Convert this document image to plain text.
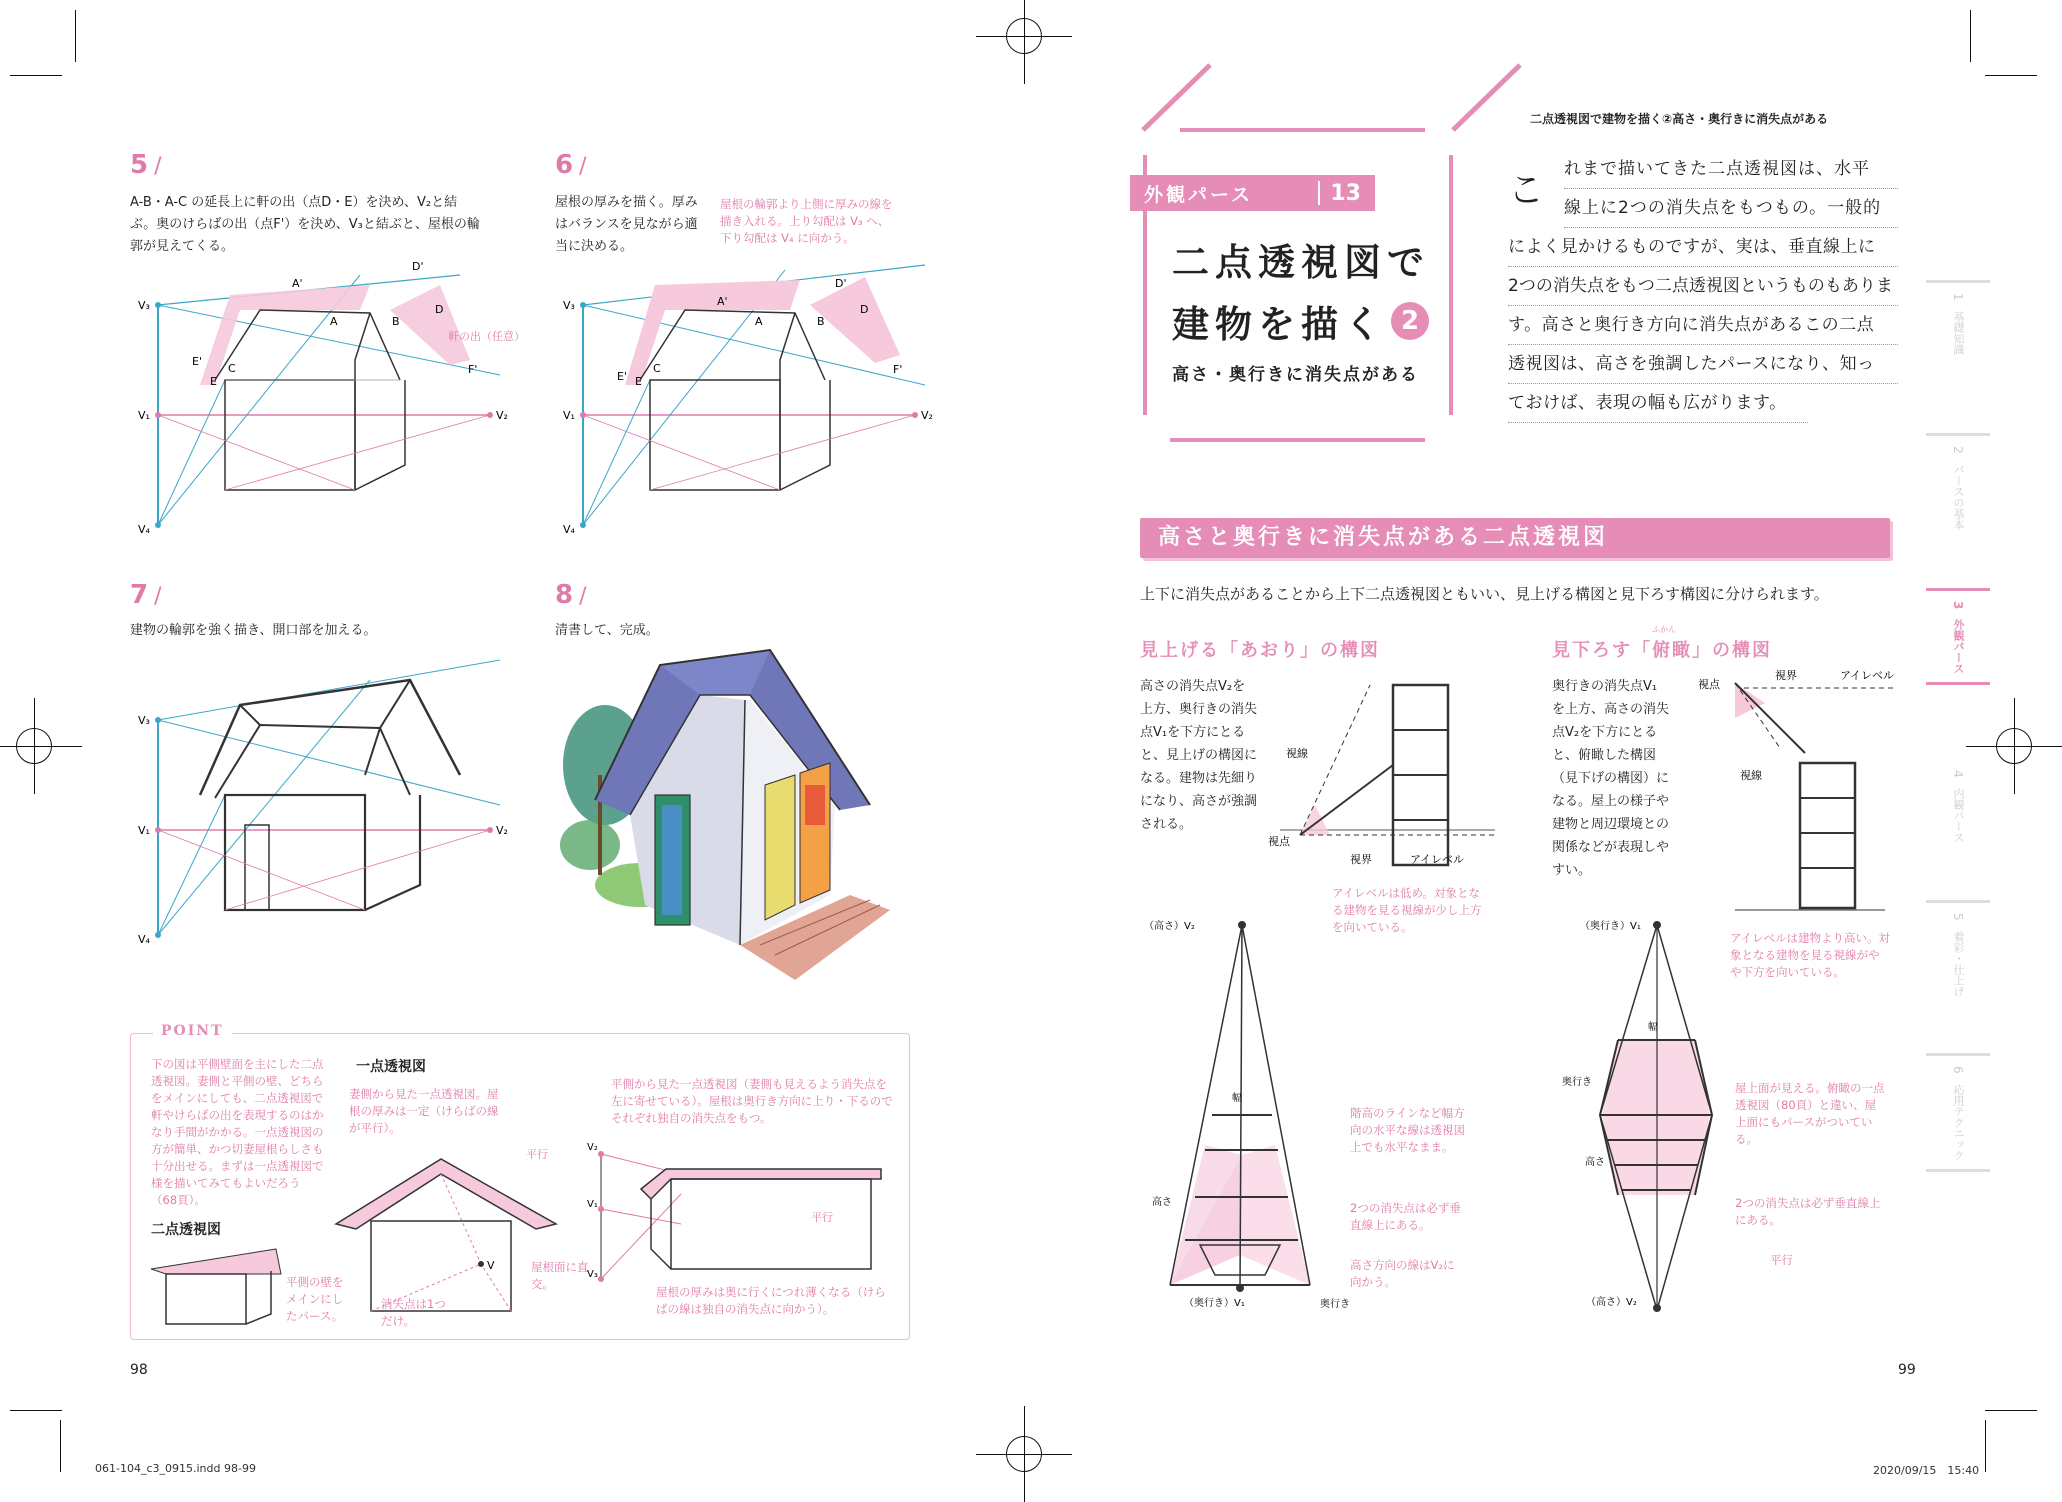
5 /
A-B・A-C の延長上に軒の出（点D・E）を決め、V₂と結ぶ。奥のけらばの出（点F'）を決め、V₃と結ぶと、屋根の輪郭が見えてくる。
V₃
V₁
V₄
V₂
A'
A	B
C
D
D'
E
E'
F'
軒の出（任意）
6 /
屋根の厚みを描く。厚みはバランスを見ながら適当に決める。
屋根の輪郭より上側に厚みの線を描き入れる。上り勾配は V₃ へ、下り勾配は V₄ に向かう。
V₃
V₁
V₄
V₂
A'
A	B
C
D
D'
E
E'
F'
7 /
建物の輪郭を強く描き、開口部を加える。
V₃
V₁
V₄
V₂
8 /
清書して、完成。
POINT
下の図は平側壁面を主にした二点透視図。妻側と平側の壁、どちらをメインにしても、二点透視図で軒やけらばの出を表現するのはかなり手間がかかる。一点透視図の方が簡単、かつ切妻屋根らしさも十分出せる。まずは一点透視図で様を描いてみてもよいだろう（68頁）。
二点透視図
一点透視図
妻側から見た一点透視図。屋根の厚みは一定（けらばの線が平行）。
平側から見た一点透視図（妻側も見えるよう消失点を左に寄せている）。屋根は奥行き方向に上り・下るのでそれぞれ独自の消失点をもつ。
平側の壁をメインにしたパース。
消失点は1つだけ。
屋根面に直交。
屋根の厚みは奥に行くにつれ薄くなる（けらばの線は独自の消失点に向かう）。
平行
平行
V
V₂
V₁
V₃
98
061-104_c3_0915.indd 98-99
二点透視図で建物を描く②高さ・奥行きに消失点がある
外観パース	13
二点透視図で
建物を描く 2
高さ・奥行きに消失点がある
こ
れまで描いてきた二点透視図は、水平
線上に2つの消失点をもつもの。一般的
によく見かけるものですが、実は、垂直線上に
2つの消失点をもつ二点透視図というものもありま
す。高さと奥行き方向に消失点があるこの二点
透視図は、高さを強調したパースになり、知っ
ておけば、表現の幅も広がります。
高さと奥行きに消失点がある二点透視図
上下に消失点があることから上下二点透視図ともいい、見上げる構図と見下ろす構図に分けられます。
見上げる「あおり」の構図
高さの消失点V₂を上方、奥行きの消失点V₁を下方にとると、見上げの構図になる。建物は先細りになり、高さが強調される。
視線
視点
視界	アイレベル
アイレベルは低め。対象となる建物を見る視線が少し上方を向いている。
（高さ）V₂
（奥行き）V₁
幅
高さ
奥行き
階高のラインなど幅方向の水平な線は透視図上でも水平なまま。
2つの消失点は必ず垂直線上にある。
高さ方向の線はV₂に向かう。
見下ろす「俯瞰」の構図
ふかん
奥行きの消失点V₁を上方、高さの消失点V₂を下方にとると、俯瞰した構図（見下げの構図）になる。屋上の様子や建物と周辺環境との関係などが表現しやすい。
視点
視界	アイレベル
視線
アイレベルは建物より高い。対象となる建物を見る視線がやや下方を向いている。
（奥行き）V₁
（高さ）V₂
幅
奥行き
高さ
屋上面が見える。俯瞰の一点透視図（80頁）と違い、屋上面にもパースがついている。
2つの消失点は必ず垂直線上にある。
平行
1
基礎知識
2
パースの基本
3
外観パース
4
内観パース
5
着彩・仕上げ
6
応用テクニック
99
2020/09/15　15:40
